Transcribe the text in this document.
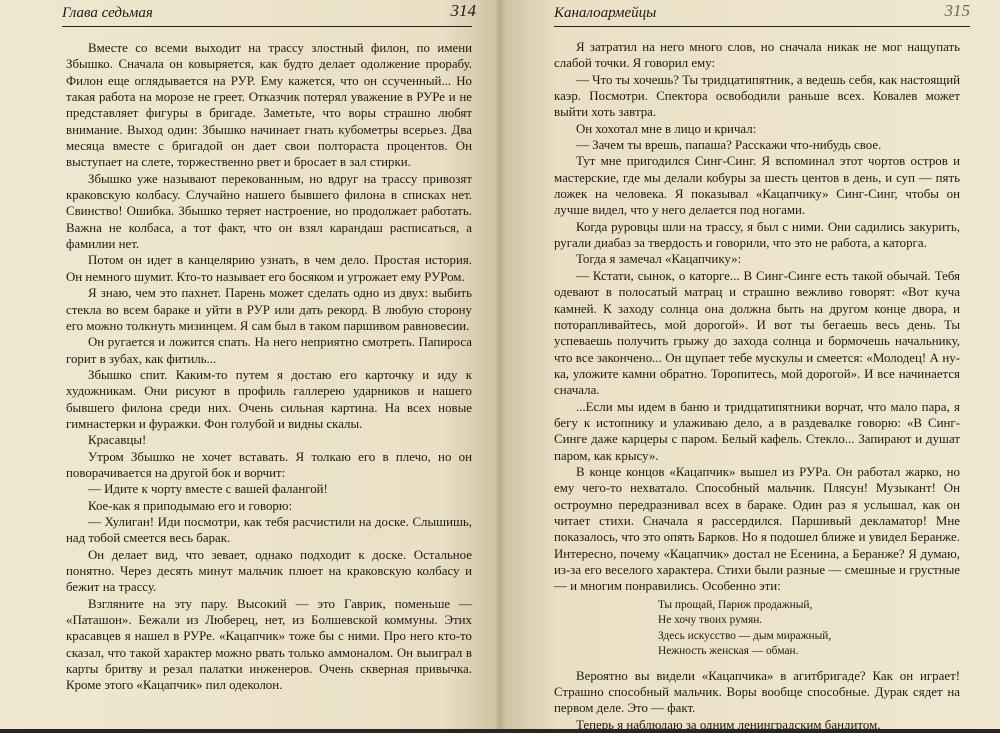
Глава седьмая	314

Вместе со всеми выходит на трассу злостный филон, по имени Збышко. Сначала он ковыряется, как будто делает одолжение прорабу. Филон еще оглядывается на РУР. Ему кажется, что он ссученный... Но такая работа на морозе не греет. Отказчик потерял уважение в РУРе и не представляет фигуры в бригаде. Заметьте, что воры страшно любят внимание. Выход один: Збышко начинает гнать кубометры всерьез. Два месяца вместе с бригадой он дает свои полтораста процентов. Он выступает на слете, торжественно рвет и бросает в зал стирки.

Збышко уже называют перекованным, но вдруг на трассу привозят краковскую колбасу. Случайно нашего бывшего филона в списках нет. Свинство! Ошибка. Збышко теряет настроение, но продолжает работать. Важна не колбаса, а тот факт, что он взял карандаш расписаться, а фамилии нет.

Потом он идет в канцелярию узнать, в чем дело. Простая история. Он немного шумит. Кто-то называет его босяком и угрожает ему РУРом.

Я знаю, чем это пахнет. Парень может сделать одно из двух: выбить стекла во всем бараке и уйти в РУР или дать рекорд. В любую сторону его можно толкнуть мизинцем. Я сам был в таком паршивом равновесии.

Он ругается и ложится спать. На него неприятно смотреть. Папироса горит в зубах, как фитиль...

Збышко спит. Каким-то путем я достаю его карточку и иду к художникам. Они рисуют в профиль галлерею ударников и нашего бывшего филона среди них. Очень сильная картина. На всех новые гимнастерки и фуражки. Фон голубой и видны скалы.

Красавцы!

Утром Збышко не хочет вставать. Я толкаю его в плечо, но он поворачивается на другой бок и ворчит:

— Идите к чорту вместе с вашей фалангой!

Кое-как я приподымаю его и говорю:

— Хулиган! Иди посмотри, как тебя расчистили на доске. Слышишь, над тобой смеется весь барак.

Он делает вид, что зевает, однако подходит к доске. Остальное понятно. Через десять минут мальчик плюет на краковскую колбасу и бежит на трассу.

Взгляните на эту пару. Высокий — это Гаврик, поменьше — «Паташон». Бежали из Люберец, нет, из Болшевской коммуны. Этих красавцев я нашел в РУРе. «Кацапчик» тоже бы с ними. Про него кто-то сказал, что такой характер можно рвать только аммоналом. Он выиграл в карты бритву и резал палатки инженеров. Очень скверная привычка. Кроме этого «Кацапчик» пил одеколон.

Каналоармейцы	315

Я затратил на него много слов, но сначала никак не мог нащупать слабой точки. Я говорил ему:

— Что ты хочешь? Ты тридцатипятник, а ведешь себя, как настоящий каэр. Посмотри. Спектора освободили раньше всех. Ковалев может выйти хоть завтра.

Он хохотал мне в лицо и кричал:

— Зачем ты врешь, папаша? Расскажи что-нибудь свое.

Тут мне пригодился Синг-Синг. Я вспоминал этот чортов остров и мастерские, где мы делали кобуры за шесть центов в день, и суп — пять ложек на человека. Я показывал «Кацапчику» Синг-Синг, чтобы он лучше видел, что у него делается под ногами.

Когда руровцы шли на трассу, я был с ними. Они садились закурить, ругали диабаз за твердость и говорили, что это не работа, а каторга.

Тогда я замечал «Кацапчику»:

— Кстати, сынок, о каторге... В Синг-Синге есть такой обычай. Тебя одевают в полосатый матрац и страшно вежливо говорят: «Вот куча камней. К заходу солнца она должна быть на другом конце двора, и поторапливайтесь, мой дорогой». И вот ты бегаешь весь день. Ты успеваешь получить грыжу до захода солнца и бормочешь начальнику, что все закончено... Он щупает тебе мускулы и смеется: «Молодец! А ну-ка, уложите камни обратно. Торопитесь, мой дорогой». И все начинается сначала.

...Если мы идем в баню и тридцатипятники ворчат, что мало пара, я бегу к истопнику и улаживаю дело, а в раздевалке говорю: «В Синг-Синге даже карцеры с паром. Белый кафель. Стекло... Запирают и душат паром, как крысу».

В конце концов «Кацапчик» вышел из РУРа. Он работал жарко, но ему чего-то нехватало. Способный мальчик. Плясун! Музыкант! Он остроумно передразнивал всех в бараке. Один раз я услышал, как он читает стихи. Сначала я рассердился. Паршивый декламатор! Мне показалось, что это опять Барков. Но я подошел ближе и увидел Беранже. Интересно, почему «Кацапчик» достал не Есенина, а Беранже? Я думаю, из-за его веселого характера. Стихи были разные — смешные и грустные — и многим понравились. Особенно эти:

Ты прощай, Париж продажный,
Не хочу твоих румян.
Здесь искусство — дым миражный,
Нежность женская — обман.

Вероятно вы видели «Кацапчика» в агитбригаде? Как он играет! Страшно способный мальчик. Воры вообще способные. Дурак сядет на первом деле. Это — факт.

Теперь я наблюдаю за одним ленинградским бандитом.
